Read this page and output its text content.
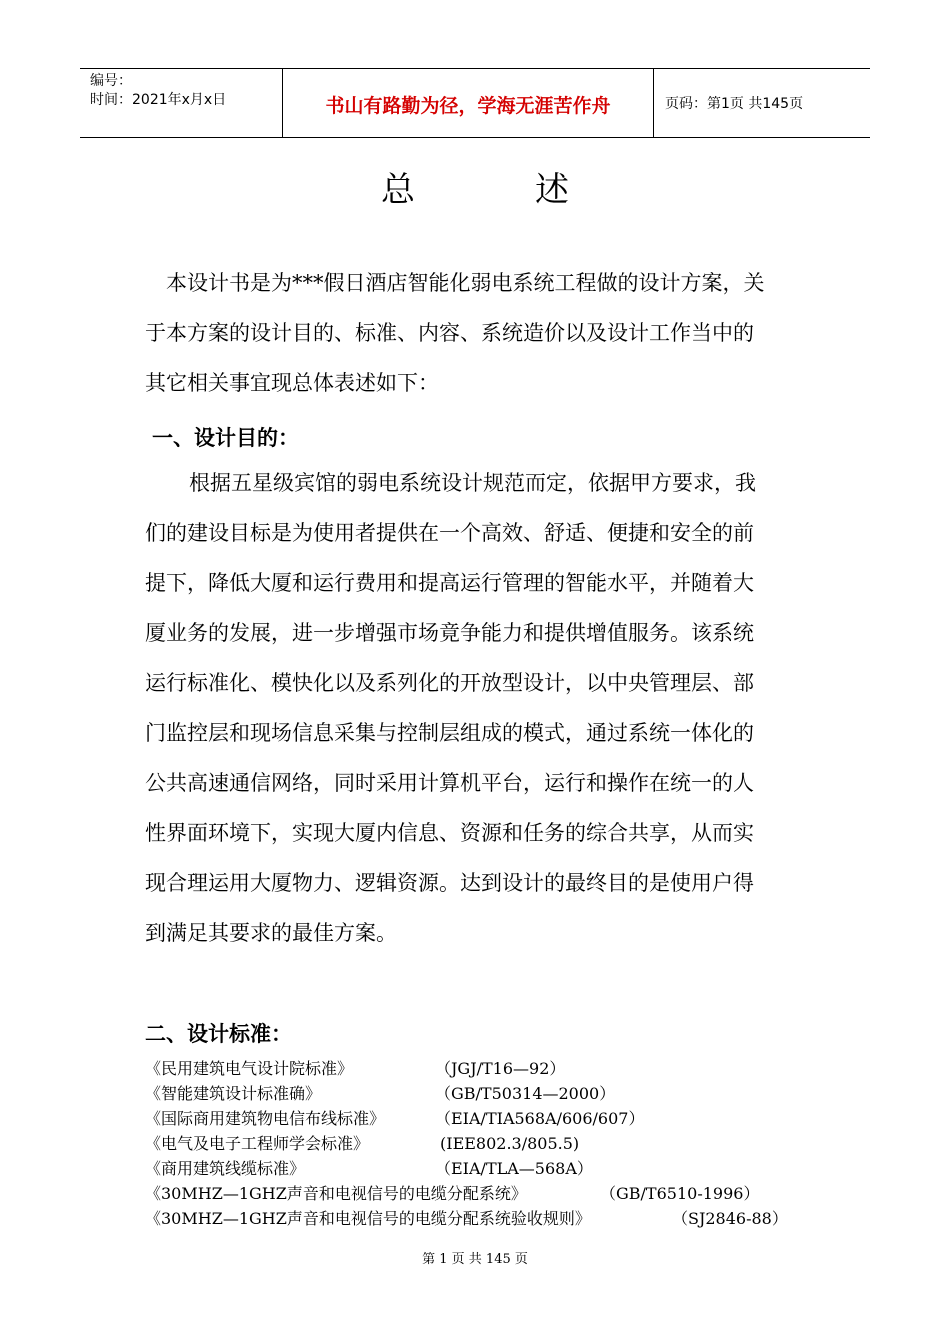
编号：
时间：2021年x月x日	书山有路勤为径，学海无涯苦作舟	页码：第1页 共145页
总述
本设计书是为***假日酒店智能化弱电系统工程做的设计方案，关
于本方案的设计目的、标准、内容、系统造价以及设计工作当中的
其它相关事宜现总体表述如下：
一、设计目的：
根据五星级宾馆的弱电系统设计规范而定，依据甲方要求，我
们的建设目标是为使用者提供在一个高效、舒适、便捷和安全的前
提下，降低大厦和运行费用和提高运行管理的智能水平，并随着大
厦业务的发展，进一步增强市场竟争能力和提供增值服务。该系统
运行标准化、模快化以及系列化的开放型设计，以中央管理层、部
门监控层和现场信息采集与控制层组成的模式，通过系统一体化的
公共高速通信网络，同时采用计算机平台，运行和操作在统一的人
性界面环境下，实现大厦内信息、资源和任务的综合共享，从而实
现合理运用大厦物力、逻辑资源。达到设计的最终目的是使用户得
到满足其要求的最佳方案。
二、设计标准：
《民用建筑电气设计院标准》	（JGJ/T16—92）
《智能建筑设计标准确》	（GB/T50314—2000）
《国际商用建筑物电信布线标准》	（EIA/TIA568A/606/607）
《电气及电子工程师学会标准》	(IEE802.3/805.5)
《商用建筑线缆标准》	（EIA/TLA—568A）
《30MHZ—1GHZ声音和电视信号的电缆分配系统》	（GB/T6510-1996）
《30MHZ—1GHZ声音和电视信号的电缆分配系统验收规则》	（SJ2846-88）
第 1 页 共 145 页
